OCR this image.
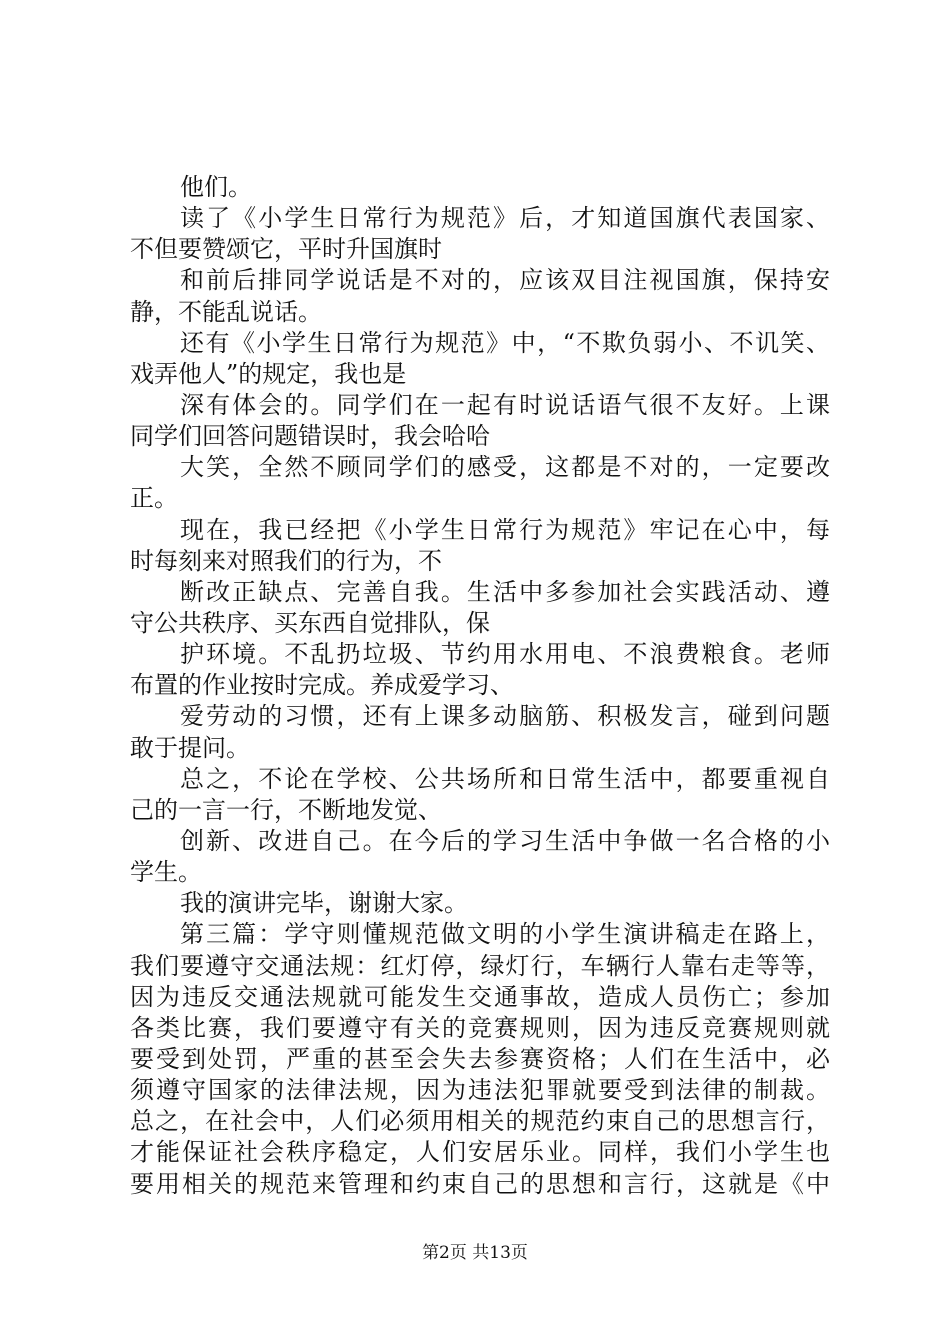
他们。
读了《小学生日常行为规范》后，才知道国旗代表国家、
不但要赞颂它，平时升国旗时
和前后排同学说话是不对的，应该双目注视国旗，保持安
静，不能乱说话。
还有《小学生日常行为规范》中，“不欺负弱小、不讥笑、
戏弄他人”的规定，我也是
深有体会的。同学们在一起有时说话语气很不友好。上课
同学们回答问题错误时，我会哈哈
大笑，全然不顾同学们的感受，这都是不对的，一定要改
正。
现在，我已经把《小学生日常行为规范》牢记在心中，每
时每刻来对照我们的行为，不
断改正缺点、完善自我。生活中多参加社会实践活动、遵
守公共秩序、买东西自觉排队，保
护环境。不乱扔垃圾、节约用水用电、不浪费粮食。老师
布置的作业按时完成。养成爱学习、
爱劳动的习惯，还有上课多动脑筋、积极发言，碰到问题
敢于提问。
总之，不论在学校、公共场所和日常生活中，都要重视自
己的一言一行，不断地发觉、
创新、改进自己。在今后的学习生活中争做一名合格的小
学生。
我的演讲完毕，谢谢大家。
第三篇：学守则懂规范做文明的小学生演讲稿走在路上，
我们要遵守交通法规：红灯停，绿灯行，车辆行人靠右走等等，
因为违反交通法规就可能发生交通事故，造成人员伤亡；参加
各类比赛，我们要遵守有关的竞赛规则，因为违反竞赛规则就
要受到处罚，严重的甚至会失去参赛资格；人们在生活中，必
须遵守国家的法律法规，因为违法犯罪就要受到法律的制裁。
总之，在社会中，人们必须用相关的规范约束自己的思想言行，
才能保证社会秩序稳定，人们安居乐业。同样，我们小学生也
要用相关的规范来管理和约束自己的思想和言行，这就是《中
第2页 共13页
